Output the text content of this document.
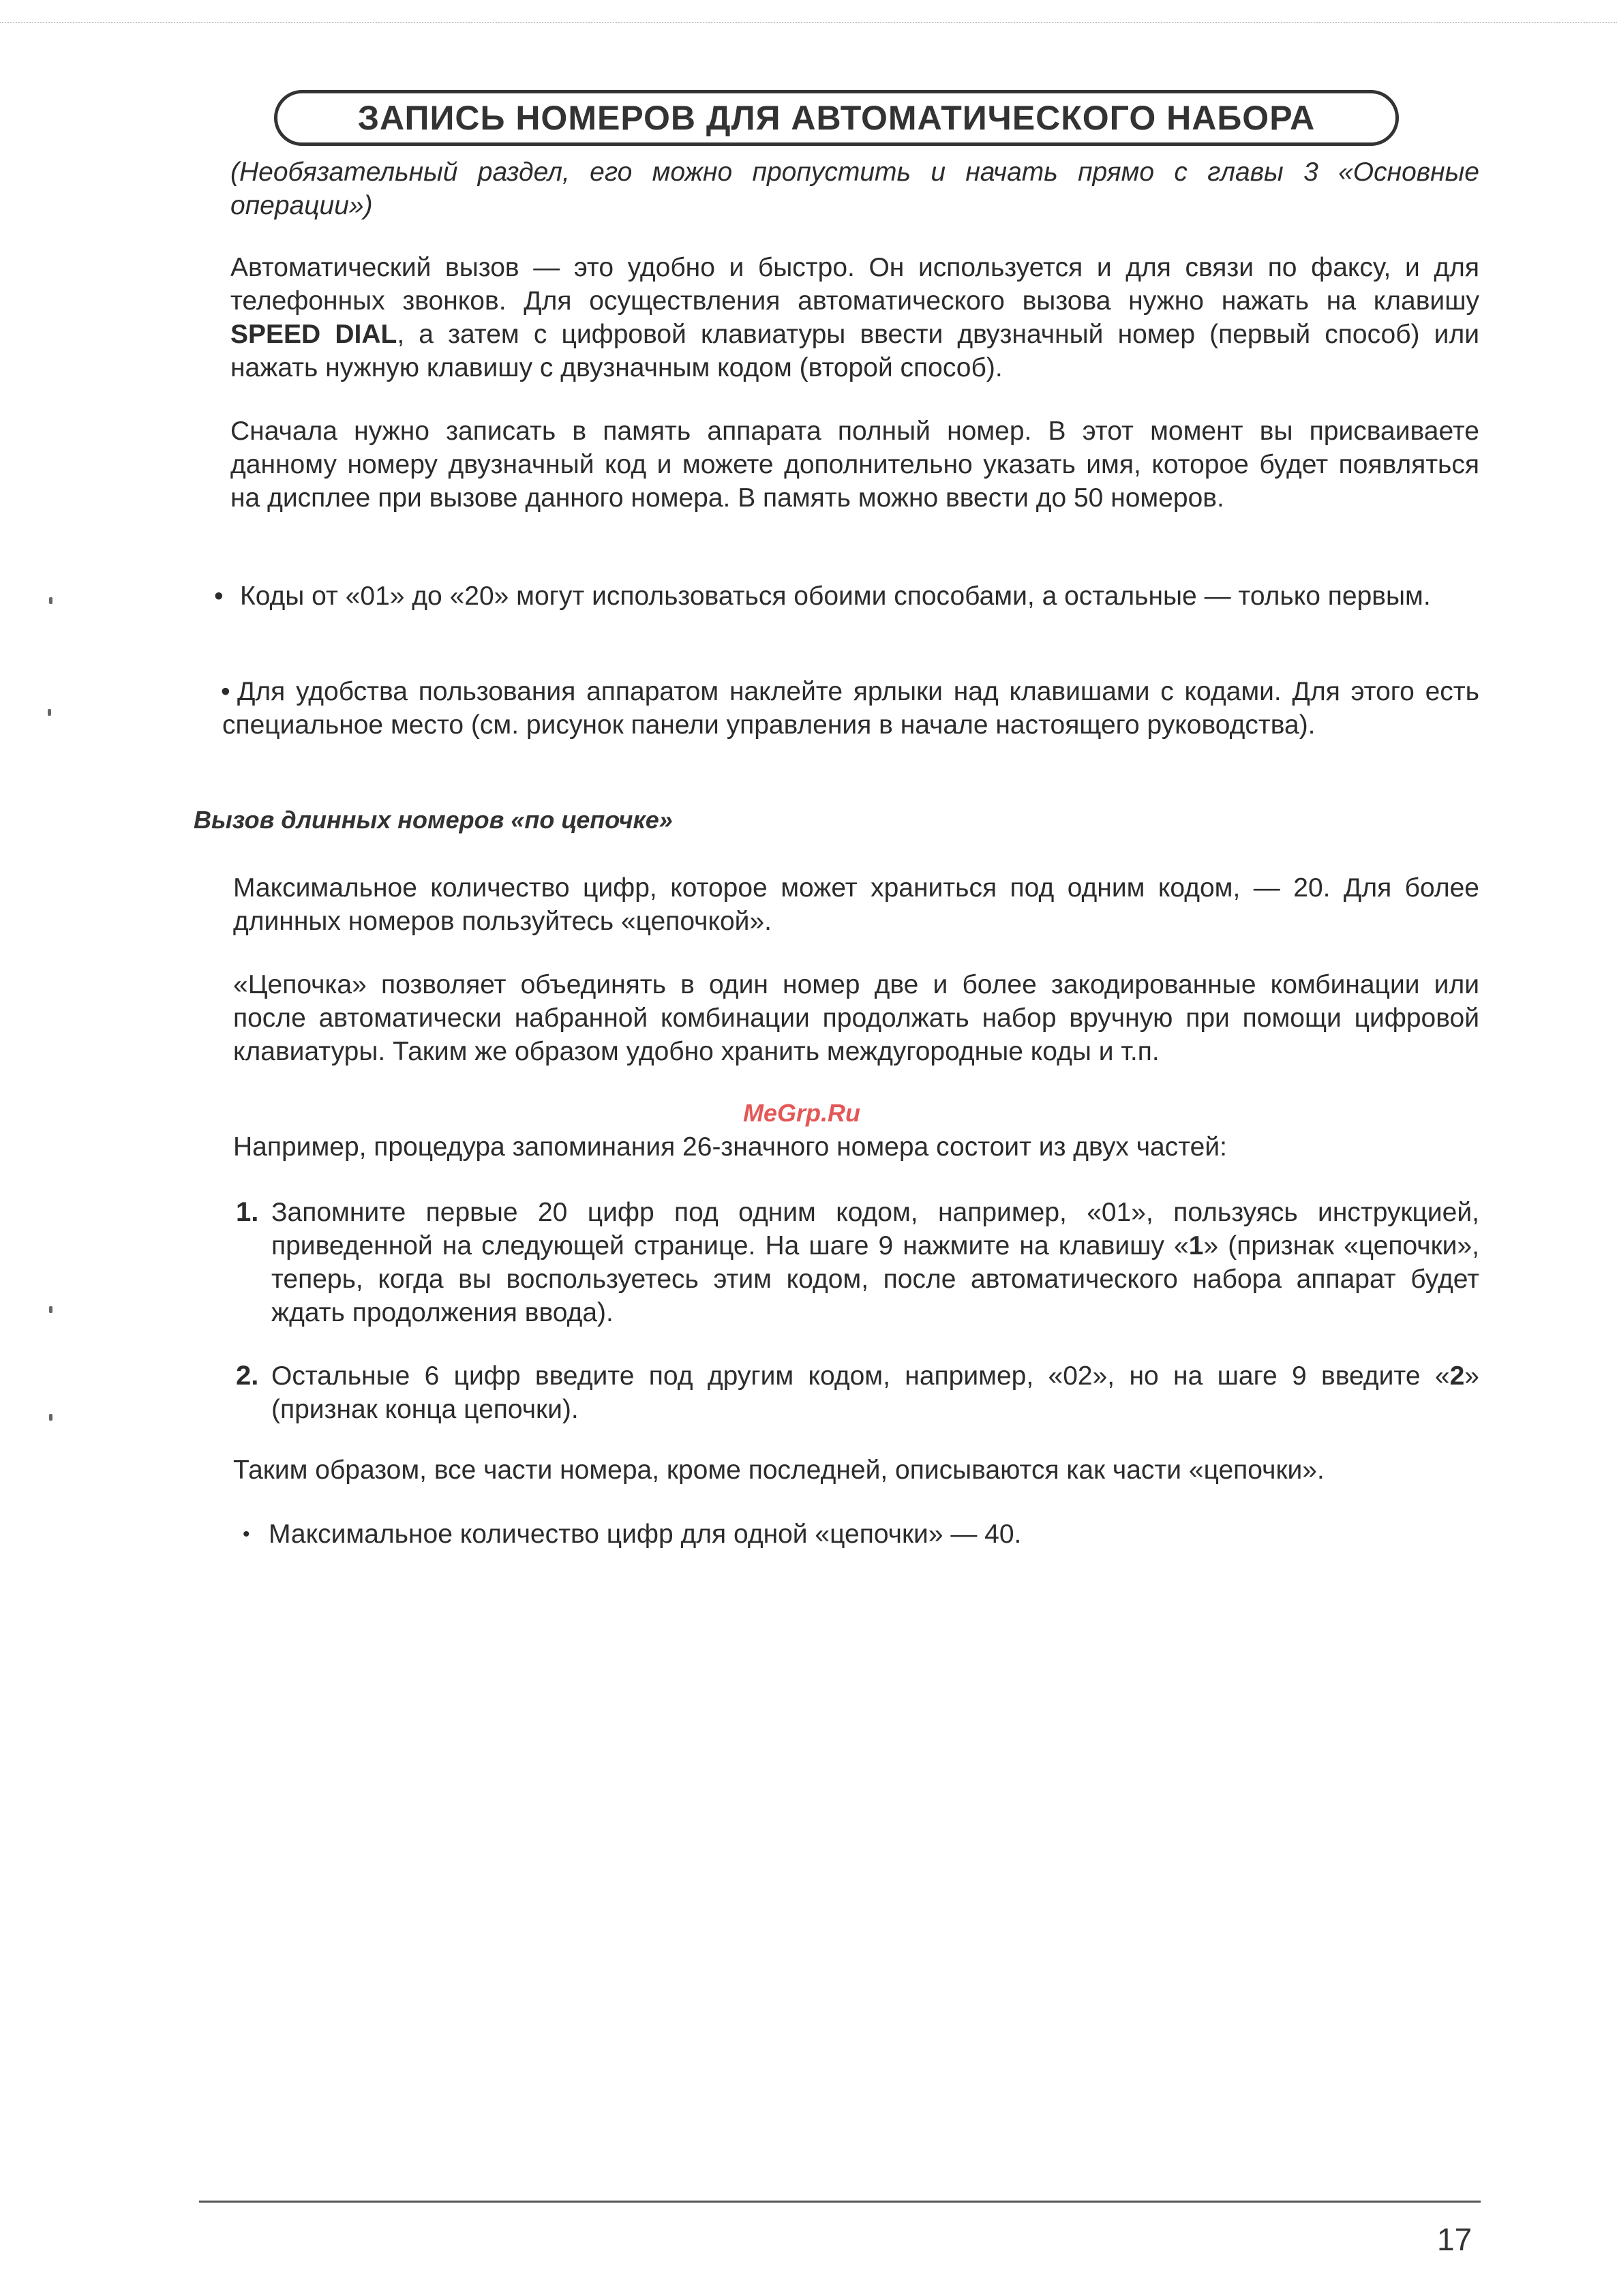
ЗАПИСЬ НОМЕРОВ ДЛЯ АВТОМАТИЧЕСКОГО НАБОРА
(Необязательный раздел, его можно пропустить и начать прямо с главы 3 «Основные операции»)
Автоматический вызов — это удобно и быстро. Он используется и для связи по факсу, и для телефонных звонков. Для осуществления автоматического вызова нужно нажать на клавишу SPEED DIAL, а затем с цифровой клавиатуры ввести двузначный номер (первый способ) или нажать нужную клавишу с двузначным кодом (второй способ).
Сначала нужно записать в память аппарата полный номер. В этот момент вы присваиваете данному номеру двузначный код и можете дополнительно указать имя, которое будет появляться на дисплее при вызове данного номера. В память можно ввести до 50 номеров.
• Коды от «01» до «20» могут использоваться обоими способами, а остальные — только первым.
• Для удобства пользования аппаратом наклейте ярлыки над клавишами с кодами. Для этого есть специальное место (см. рисунок панели управления в начале настоящего руководства).
Вызов длинных номеров «по цепочке»
Максимальное количество цифр, которое может храниться под одним кодом, — 20. Для более длинных номеров пользуйтесь «цепочкой».
«Цепочка» позволяет объединять в один номер две и более закодированные комбинации или после автоматически набранной комбинации продолжать набор вручную при помощи цифровой клавиатуры. Таким же образом удобно хранить междугородные коды и т.п.
Например, процедура запоминания 26-значного номера состоит из двух частей:
MeGrp.Ru
1. Запомните первые 20 цифр под одним кодом, например, «01», пользуясь инструкцией, приведенной на следующей странице. На шаге 9 нажмите на клавишу «1» (признак «цепочки», теперь, когда вы воспользуетесь этим кодом, после автоматического набора аппарат будет ждать продолжения ввода).
2. Остальные 6 цифр введите под другим кодом, например, «02», но на шаге 9 введите «2» (признак конца цепочки).
Таким образом, все части номера, кроме последней, описываются как части «цепочки».
• Максимальное количество цифр для одной «цепочки» — 40.
17
